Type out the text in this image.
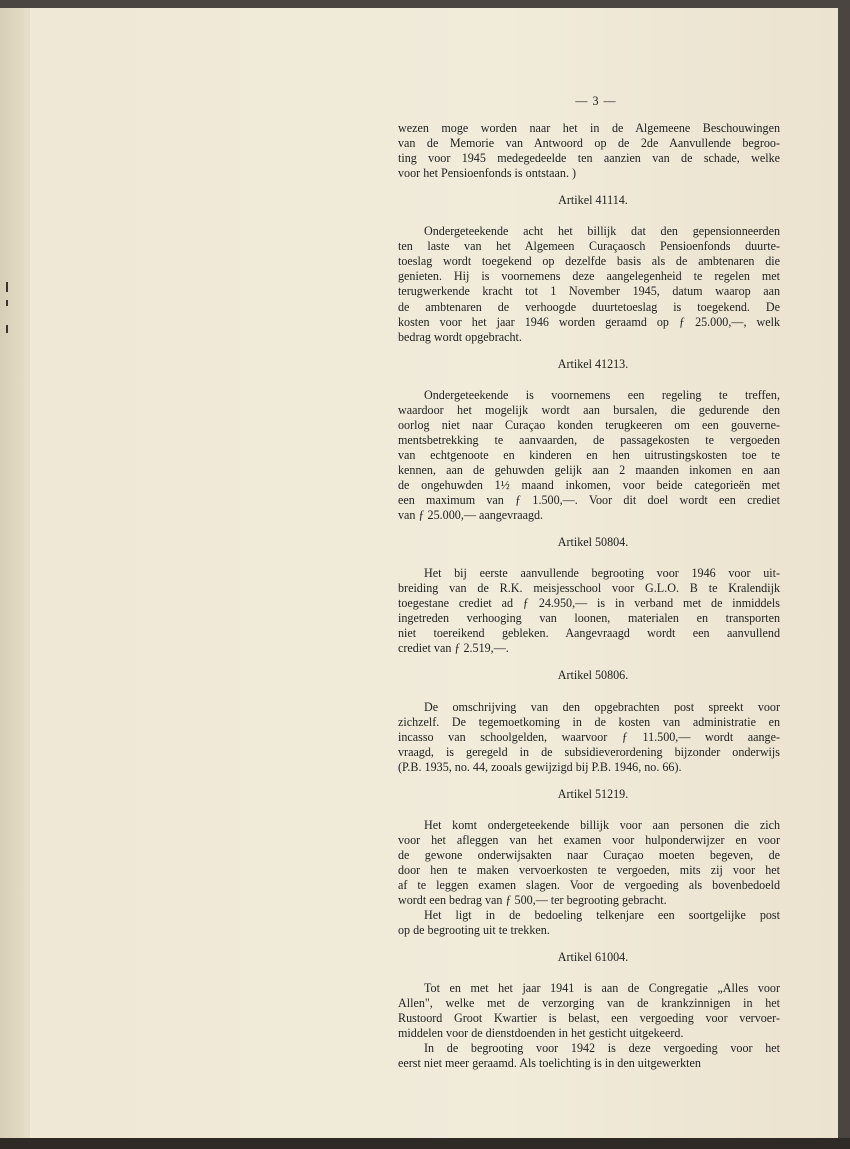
— 3 —
wezen moge worden naar het in de Algemeene Beschouwingen
van de Memorie van Antwoord op de 2de Aanvullende begroo-
ting voor 1945 medegedeelde ten aanzien van de schade, welke
voor het Pensioenfonds is ontstaan. )
Artikel 41114.
Ondergeteekende acht het billijk dat den gepensionneerden
ten laste van het Algemeen Curaçaosch Pensioenfonds duurte-
toeslag wordt toegekend op dezelfde basis als de ambtenaren die
genieten. Hij is voornemens deze aangelegenheid te regelen met
terugwerkende kracht tot 1 November 1945, datum waarop aan
de ambtenaren de verhoogde duurtetoeslag is toegekend. De
kosten voor het jaar 1946 worden geraamd op ƒ 25.000,—, welk
bedrag wordt opgebracht.
Artikel 41213.
Ondergeteekende is voornemens een regeling te treffen,
waardoor het mogelijk wordt aan bursalen, die gedurende den
oorlog niet naar Curaçao konden terugkeeren om een gouverne-
mentsbetrekking te aanvaarden, de passagekosten te vergoeden
van echtgenoote en kinderen en hen uitrustingskosten toe te
kennen, aan de gehuwden gelijk aan 2 maanden inkomen en aan
de ongehuwden 1½ maand inkomen, voor beide categorieën met
een maximum van ƒ 1.500,—. Voor dit doel wordt een crediet
van ƒ 25.000,— aangevraagd.
Artikel 50804.
Het bij eerste aanvullende begrooting voor 1946 voor uit-
breiding van de R.K. meisjesschool voor G.L.O. B te Kralendijk
toegestane crediet ad ƒ 24.950,— is in verband met de inmiddels
ingetreden verhooging van loonen, materialen en transporten
niet toereikend gebleken. Aangevraagd wordt een aanvullend
crediet van ƒ 2.519,—.
Artikel 50806.
De omschrijving van den opgebrachten post spreekt voor
zichzelf. De tegemoetkoming in de kosten van administratie en
incasso van schoolgelden, waarvoor ƒ 11.500,— wordt aange-
vraagd, is geregeld in de subsidieverordening bijzonder onderwijs
(P.B. 1935, no. 44, zooals gewijzigd bij P.B. 1946, no. 66).
Artikel 51219.
Het komt ondergeteekende billijk voor aan personen die zich
voor het afleggen van het examen voor hulponderwijzer en voor
de gewone onderwijsakten naar Curaçao moeten begeven, de
door hen te maken vervoerkosten te vergoeden, mits zij voor het
af te leggen examen slagen. Voor de vergoeding als bovenbedoeld
wordt een bedrag van ƒ 500,— ter begrooting gebracht.
Het ligt in de bedoeling telkenjare een soortgelijke post
op de begrooting uit te trekken.
Artikel 61004.
Tot en met het jaar 1941 is aan de Congregatie „Alles voor
Allen", welke met de verzorging van de krankzinnigen in het
Rustoord Groot Kwartier is belast, een vergoeding voor vervoer-
middelen voor de dienstdoenden in het gesticht uitgekeerd.
In de begrooting voor 1942 is deze vergoeding voor het
eerst niet meer geraamd. Als toelichting is in den uitgewerkten
